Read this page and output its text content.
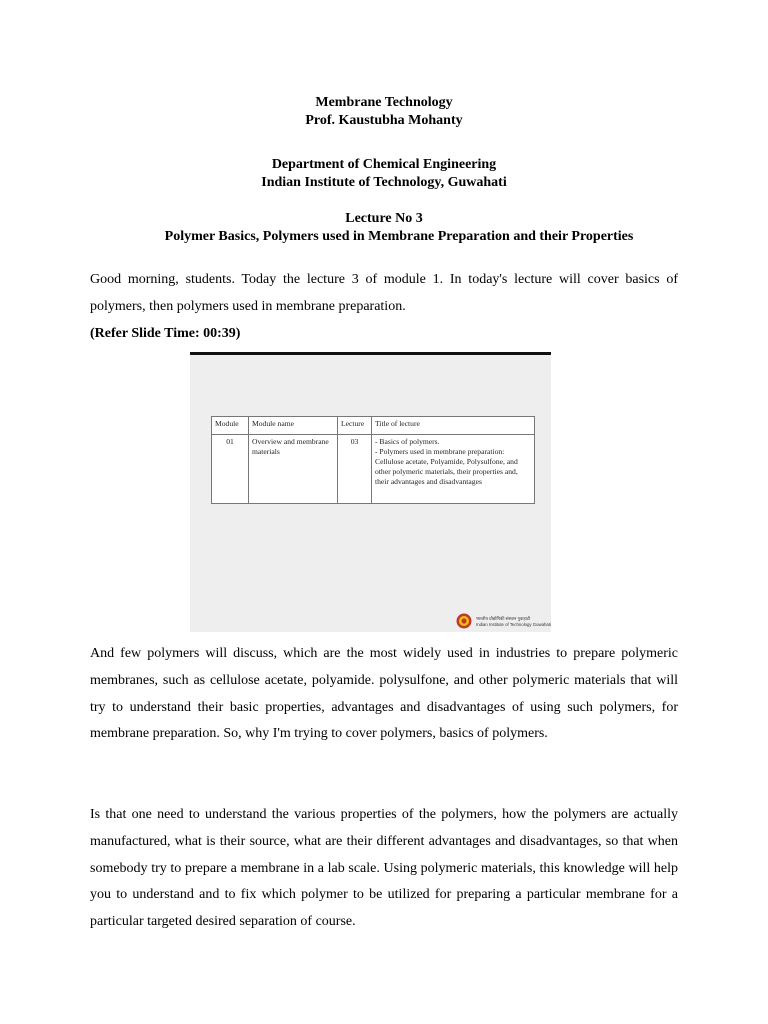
Membrane Technology
Prof. Kaustubha Mohanty
Department of Chemical Engineering
Indian Institute of Technology, Guwahati
Lecture No 3
Polymer Basics, Polymers used in Membrane Preparation and their Properties
Good morning, students. Today the lecture 3 of module 1. In today's lecture will cover basics of polymers, then polymers used in membrane preparation.
(Refer Slide Time: 00:39)
Module	Module name	Lecture	Title of lecture
01	Overview and membrane materials	03	- Basics of polymers.
- Polymers used in membrane preparation: Cellulose acetate, Polyamide, Polysulfone, and other polymeric materials, their properties and, their advantages and disadvantages
भारतीय प्रौद्योगिकी संस्थान गुवाहाटी
Indian Institute of Technology Guwahati
And few polymers will discuss, which are the most widely used in industries to prepare polymeric membranes, such as cellulose acetate, polyamide. polysulfone, and other polymeric materials that will try to understand their basic properties, advantages and disadvantages of using such polymers, for membrane preparation. So, why I'm trying to cover polymers, basics of polymers.
Is that one need to understand the various properties of the polymers, how the polymers are actually manufactured, what is their source, what are their different advantages and disadvantages, so that when somebody try to prepare a membrane in a lab scale. Using polymeric materials, this knowledge will help you to understand and to fix which polymer to be utilized for preparing a particular membrane for a particular targeted desired separation of course.
